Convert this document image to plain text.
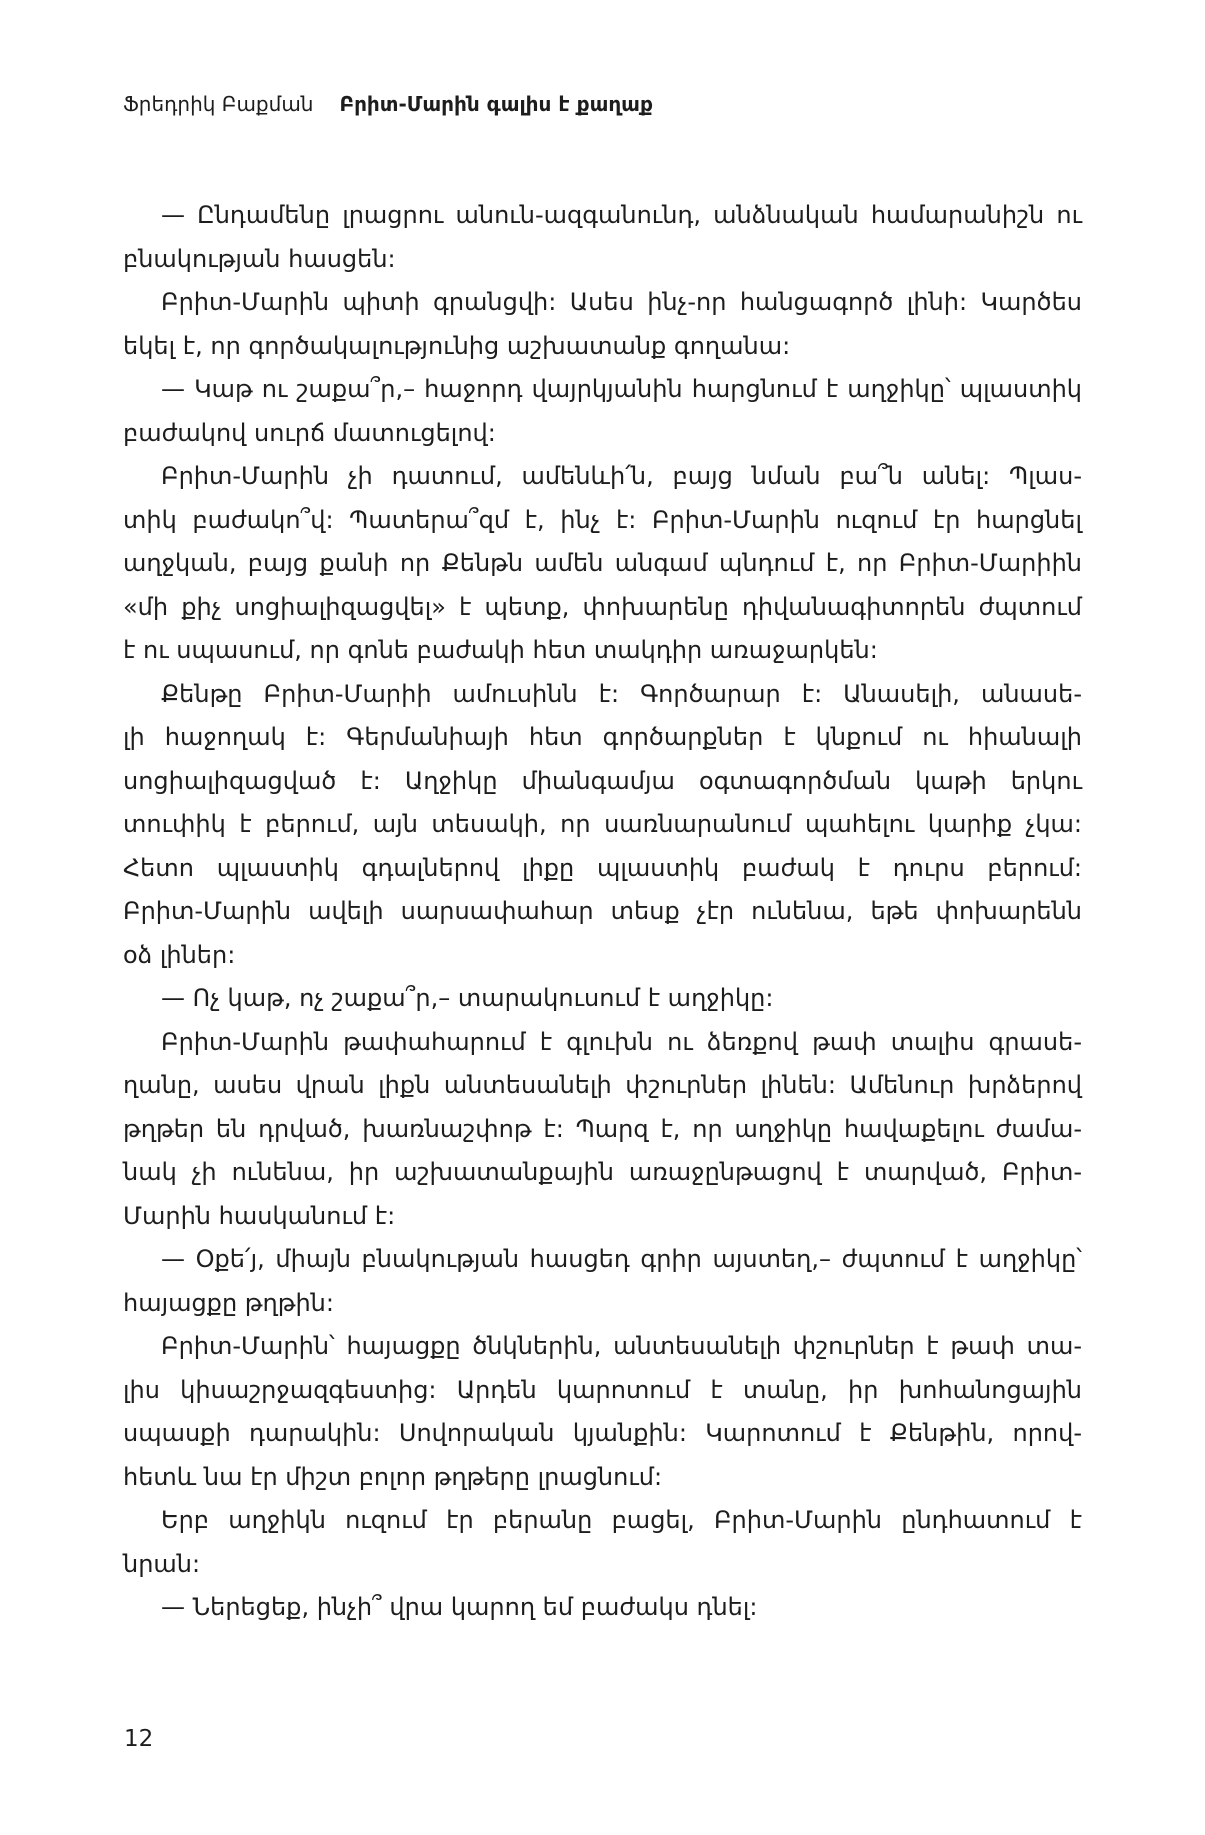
Ֆրեդրիկ Բաքման Բրիտ-Մարին գալիս է քաղաք
— Ընդամենը լրացրու անուն-ազգանունդ, անձնական համարանիշն ու
բնակության հասցեն:
Բրիտ-Մարին պիտի գրանցվի: Ասես ինչ-որ հանցագործ լինի: Կարծես
եկել է, որ գործակալությունից աշխատանք գողանա:
— Կաթ ու շաքա՞ր,– հաջորդ վայրկյանին հարցնում է աղջիկը՝ պլաստիկ
բաժակով սուրճ մատուցելով:
Բրիտ-Մարին չի դատում, ամենևի՛ն, բայց նման բա՞ն անել: Պլաս-
տիկ բաժակո՞վ: Պատերա՞զմ է, ինչ է: Բրիտ-Մարին ուզում էր հարցնել
աղջկան, բայց քանի որ Քենթն ամեն անգամ պնդում է, որ Բրիտ-Մարիին
«մի քիչ սոցիալիզացվել» է պետք, փոխարենը դիվանագիտորեն ժպտում
է ու սպասում, որ գոնե բաժակի հետ տակդիր առաջարկեն:
Քենթը Բրիտ-Մարիի ամուսինն է: Գործարար է: Անասելի, անասե-
լի հաջողակ է: Գերմանիայի հետ գործարքներ է կնքում ու հիանալի
սոցիալիզացված է: Աղջիկը միանգամյա օգտագործման կաթի երկու
տուփիկ է բերում, այն տեսակի, որ սառնարանում պահելու կարիք չկա:
Հետո պլաստիկ գդալներով լիքը պլաստիկ բաժակ է դուրս բերում:
Բրիտ-Մարին ավելի սարսափահար տեսք չէր ունենա, եթե փոխարենն
օձ լիներ:
— Ոչ կաթ, ոչ շաքա՞ր,– տարակուսում է աղջիկը:
Բրիտ-Մարին թափահարում է գլուխն ու ձեռքով թափ տալիս գրասե-
ղանը, ասես վրան լիքն անտեսանելի փշուրներ լինեն: Ամենուր խրձերով
թղթեր են դրված, խառնաշփոթ է: Պարզ է, որ աղջիկը հավաքելու ժամա-
նակ չի ունենա, իր աշխատանքային առաջընթացով է տարված, Բրիտ-
Մարին հասկանում է:
— Օքե՛յ, միայն բնակության հասցեդ գրիր այստեղ,– ժպտում է աղջիկը՝
հայացքը թղթին:
Բրիտ-Մարին՝ հայացքը ծնկներին, անտեսանելի փշուրներ է թափ տա-
լիս կիսաշրջազգեստից: Արդեն կարոտում է տանը, իր խոհանոցային
սպասքի դարակին: Սովորական կյանքին: Կարոտում է Քենթին, որով-
հետև նա էր միշտ բոլոր թղթերը լրացնում:
Երբ աղջիկն ուզում էր բերանը բացել, Բրիտ-Մարին ընդհատում է
նրան:
— Ներեցեք, ինչի՞ վրա կարող եմ բաժակս դնել:
12
